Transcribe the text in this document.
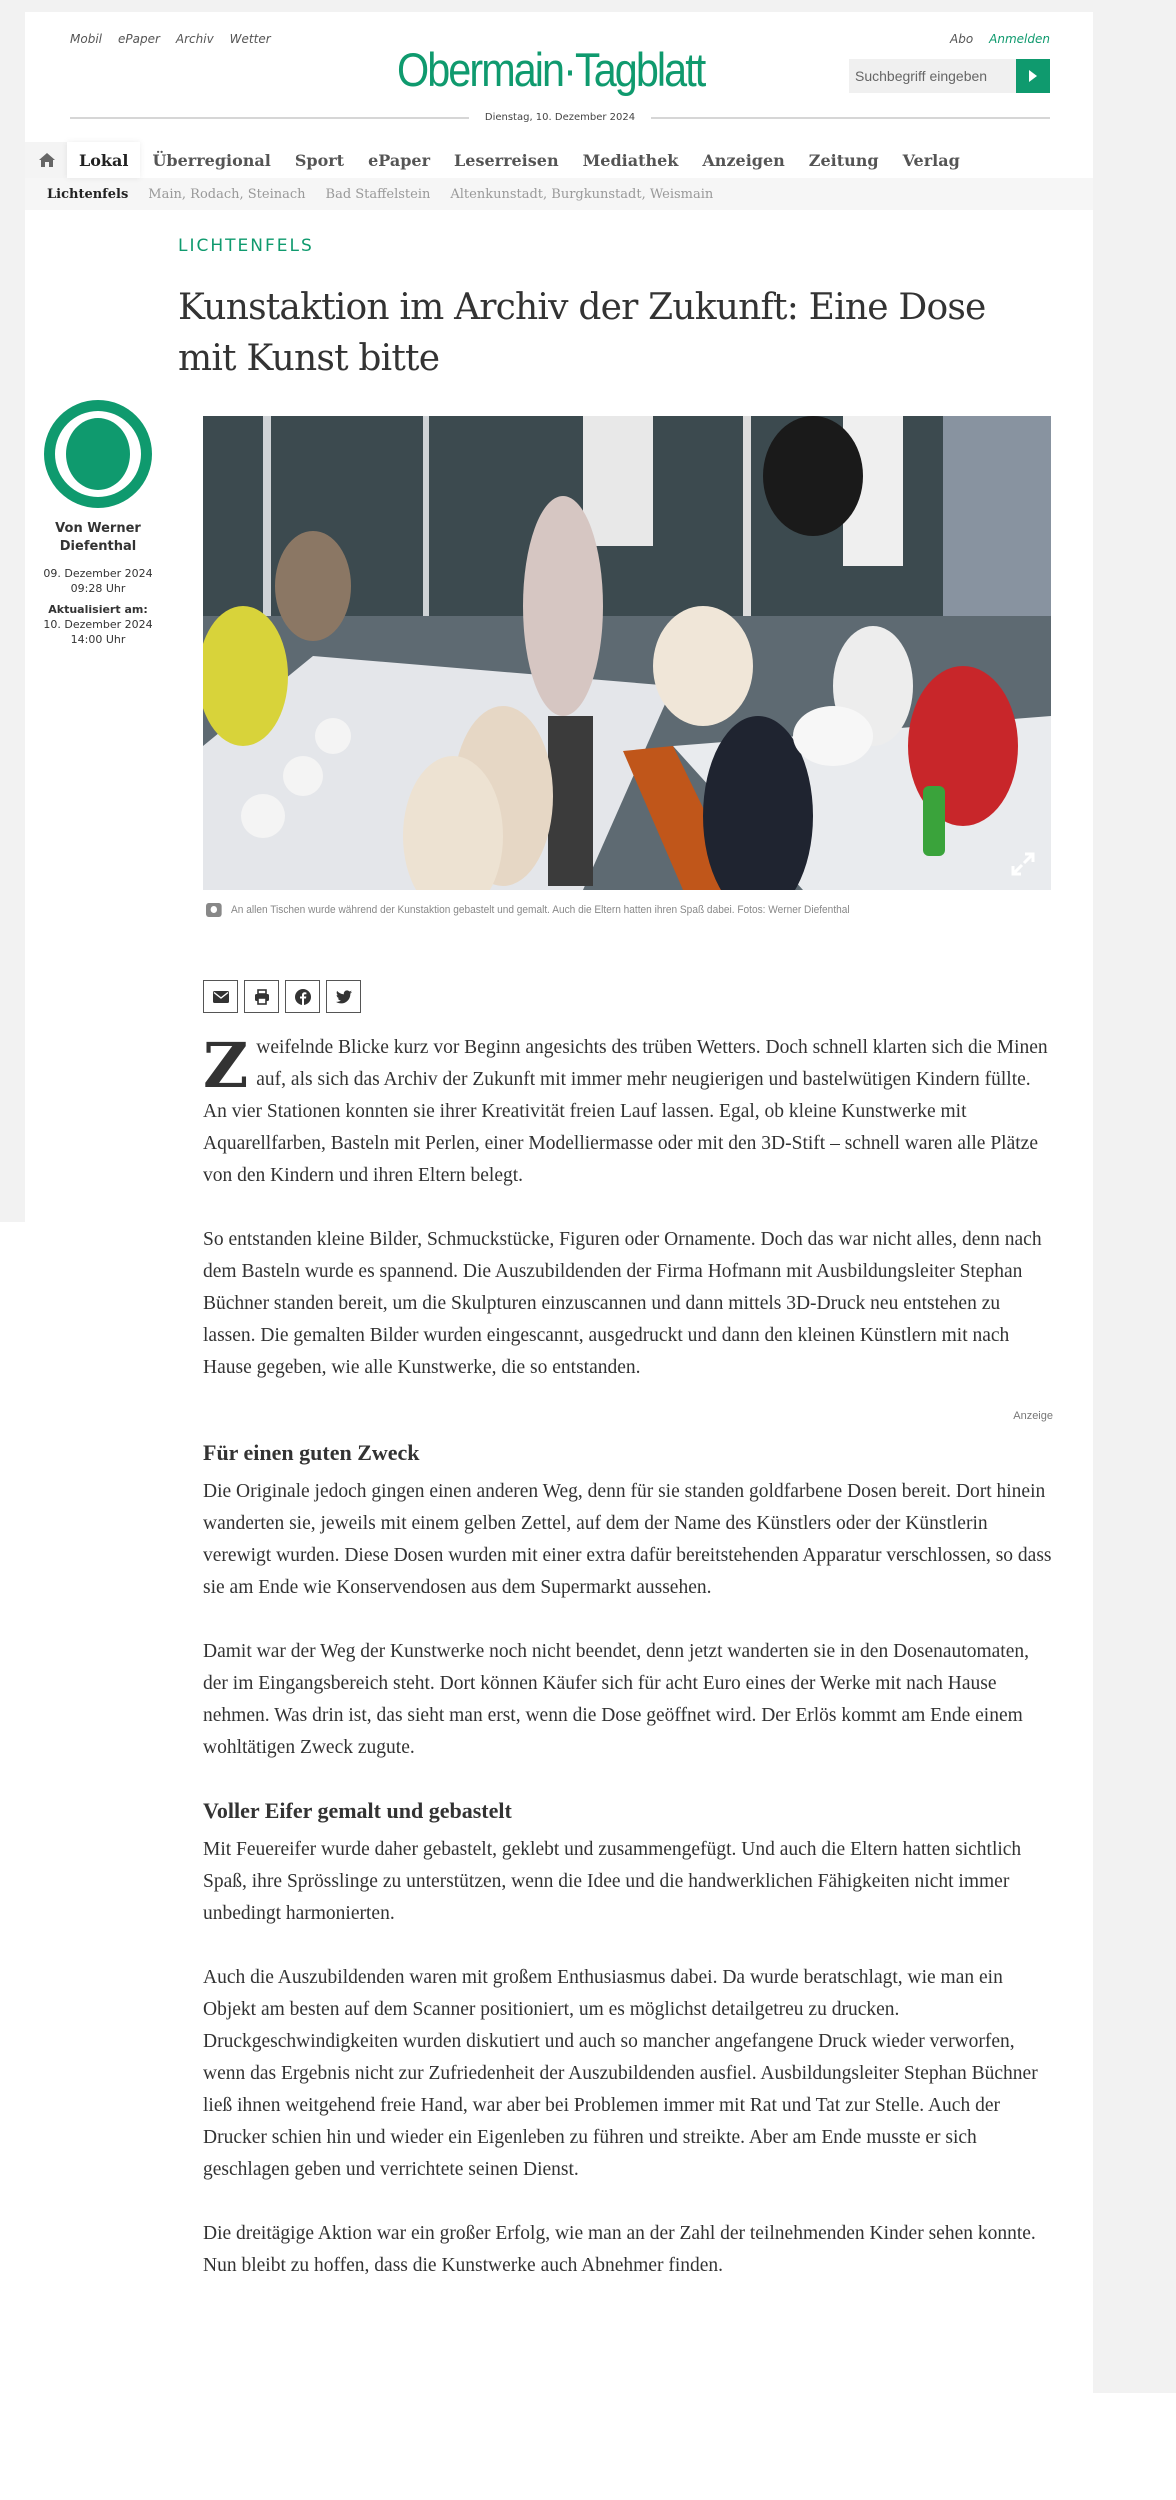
Mobil ePaper Archiv Wetter
Obermain·Tagblatt
Abo Anmelden
Suchbegriff eingeben
Dienstag, 10. Dezember 2024
Lokal	Überregional	Sport	ePaper	Leserreisen	Mediathek	Anzeigen	Zeitung	Verlag
Lichtenfels Main, Rodach, Steinach Bad Staffelstein Altenkunstadt, Burgkunstadt, Weismain
LICHTENFELS
Kunstaktion im Archiv der Zukunft: Eine Dose mit Kunst bitte
Von Werner Diefenthal
09. Dezember 2024
09:28 Uhr
Aktualisiert am:
10. Dezember 2024
14:00 Uhr
An allen Tischen wurde während der Kunstaktion gebastelt und gemalt. Auch die Eltern hatten ihren Spaß dabei. Fotos: Werner Diefenthal

Zweifelnde Blicke kurz vor Beginn angesichts des trüben Wetters. Doch schnell klarten sich die Minen auf, als sich das Archiv der Zukunft mit immer mehr neugierigen und bastelwütigen Kindern füllte. An vier Stationen konnten sie ihrer Kreativität freien Lauf lassen. Egal, ob kleine Kunstwerke mit Aquarellfarben, Basteln mit Perlen, einer Modelliermasse oder mit den 3D-Stift – schnell waren alle Plätze von den Kindern und ihren Eltern belegt.

So entstanden kleine Bilder, Schmuckstücke, Figuren oder Ornamente. Doch das war nicht alles, denn nach dem Basteln wurde es spannend. Die Auszubildenden der Firma Hofmann mit Ausbildungsleiter Stephan Büchner standen bereit, um die Skulpturen einzuscannen und dann mittels 3D-Druck neu entstehen zu lassen. Die gemalten Bilder wurden eingescannt, ausgedruckt und dann den kleinen Künstlern mit nach Hause gegeben, wie alle Kunstwerke, die so entstanden.

Anzeige
Für einen guten Zweck

Die Originale jedoch gingen einen anderen Weg, denn für sie standen goldfarbene Dosen bereit. Dort hinein wanderten sie, jeweils mit einem gelben Zettel, auf dem der Name des Künstlers oder der Künstlerin verewigt wurden. Diese Dosen wurden mit einer extra dafür bereitstehenden Apparatur verschlossen, so dass sie am Ende wie Konservendosen aus dem Supermarkt aussehen.

Damit war der Weg der Kunstwerke noch nicht beendet, denn jetzt wanderten sie in den Dosenautomaten, der im Eingangsbereich steht. Dort können Käufer sich für acht Euro eines der Werke mit nach Hause nehmen. Was drin ist, das sieht man erst, wenn die Dose geöffnet wird. Der Erlös kommt am Ende einem wohltätigen Zweck zugute.

Voller Eifer gemalt und gebastelt

Mit Feuereifer wurde daher gebastelt, geklebt und zusammengefügt. Und auch die Eltern hatten sichtlich Spaß, ihre Sprösslinge zu unterstützen, wenn die Idee und die handwerklichen Fähigkeiten nicht immer unbedingt harmonierten.

Auch die Auszubildenden waren mit großem Enthusiasmus dabei. Da wurde beratschlagt, wie man ein Objekt am besten auf dem Scanner positioniert, um es möglichst detailgetreu zu drucken. Druckgeschwindigkeiten wurden diskutiert und auch so mancher angefangene Druck wieder verworfen, wenn das Ergebnis nicht zur Zufriedenheit der Auszubildenden ausfiel. Ausbildungsleiter Stephan Büchner ließ ihnen weitgehend freie Hand, war aber bei Problemen immer mit Rat und Tat zur Stelle. Auch der Drucker schien hin und wieder ein Eigenleben zu führen und streikte. Aber am Ende musste er sich geschlagen geben und verrichtete seinen Dienst.

Die dreitägige Aktion war ein großer Erfolg, wie man an der Zahl der teilnehmenden Kinder sehen konnte. Nun bleibt zu hoffen, dass die Kunstwerke auch Abnehmer finden.
